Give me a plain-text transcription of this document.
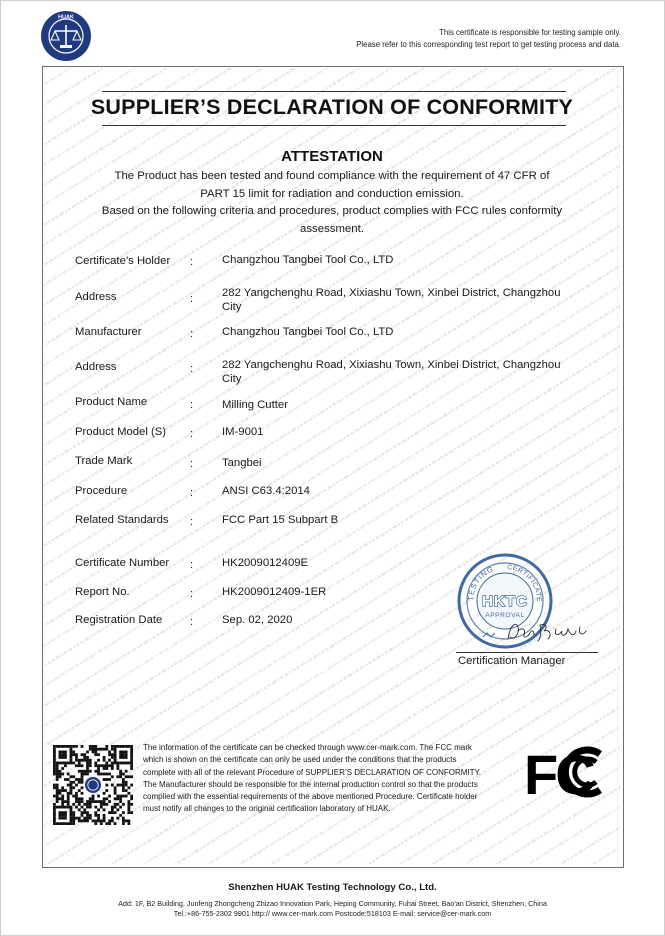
HUAK
This certificate is responsible for testing sample only.
Please refer to this corresponding test report to get testing process and data.
SUPPLIER’S DECLARATION OF CONFORMITY
ATTESTATION
The Product has been tested and found compliance with the requirement of 47 CFR of
PART 15 limit for radiation and conduction emission.
Based on the following criteria and procedures, product complies with FCC rules conformity
assessment.
Certificate’s Holder :	Changzhou Tangbei Tool Co., LTD
Address	:	282 Yangchenghu Road, Xixiashu Town, Xinbei District, Changzhou
City
Manufacturer	:	Changzhou Tangbei Tool Co., LTD
Address	:	282 Yangchenghu Road, Xixiashu Town, Xinbei District, Changzhou
City
Product Name	:	Milling Cutter
Product Model (S) :	IM-9001
Trade Mark	:	Tangbei
Procedure	:	ANSI C63.4:2014
Related Standards :	FCC Part 15 Subpart B
Certificate Number :	HK2009012409E
Report No.	:	HK2009012409-1ER
Registration Date	:	Sep. 02, 2020
TESTING CERTIFICATE
HKTC
APPROVAL
Certification Manager
The information of the certificate can be checked through www.cer-mark.com. The FCC mark
which is shown on the certificate can only be used under the conditions that the products
complete with all of the relevant Procedure of SUPPLIER’S DECLARATION OF CONFORMITY.
The Manufacturer should be responsible for the internal production control so that the products
complied with the essential requirements of the above mentioned Procedure. Certificate holder
must notify all changes to the original certification laboratory of HUAK.
FC
Shenzhen HUAK Testing Technology Co., Ltd.
Add: 1F, B2 Building, Junfeng Zhongcheng Zhizao Innovation Park, Heping Community, Fuhai Street, Bao'an District, Shenzhen, China
Tel.:+86-755-2302 9901 http:// www.cer-mark.com Postcode:518103 E-mail: service@cer-mark.com
